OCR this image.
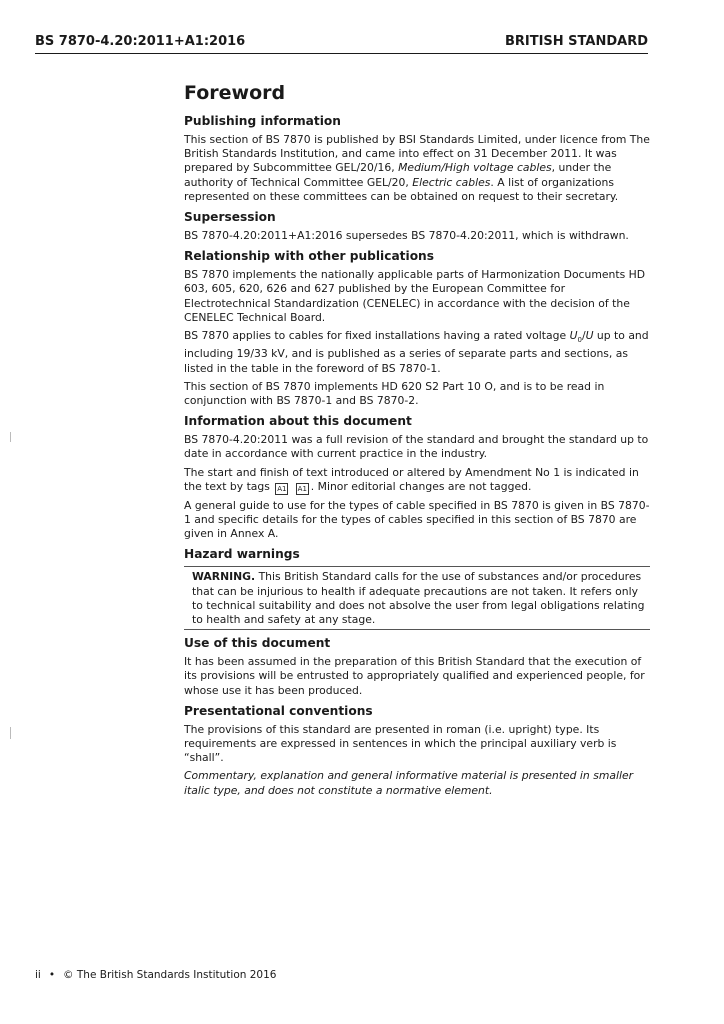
BS 7870-4.20:2011+A1:2016	BRITISH STANDARD
Foreword
Publishing information

This section of BS 7870 is published by BSI Standards Limited, under licence from The British Standards Institution, and came into effect on 31 December 2011. It was prepared by Subcommittee GEL/20/16, Medium/High voltage cables, under the authority of Technical Committee GEL/20, Electric cables. A list of organizations represented on these committees can be obtained on request to their secretary.

Supersession

BS 7870-4.20:2011+A1:2016 supersedes BS 7870-4.20:2011, which is withdrawn.

Relationship with other publications

BS 7870 implements the nationally applicable parts of Harmonization Documents HD 603, 605, 620, 626 and 627 published by the European Committee for Electrotechnical Standardization (CENELEC) in accordance with the decision of the CENELEC Technical Board.

BS 7870 applies to cables for fixed installations having a rated voltage $U_0/U$ up to and including 19/33 kV, and is published as a series of separate parts and sections, as listed in the table in the foreword of BS 7870-1.

This section of BS 7870 implements HD 620 S2 Part 10 O, and is to be read in conjunction with BS 7870-1 and BS 7870-2.

Information about this document

BS 7870-4.20:2011 was a full revision of the standard and brought the standard up to date in accordance with current practice in the industry.

The start and finish of text introduced or altered by Amendment No 1 is indicated in the text by tags A1 A1 . Minor editorial changes are not tagged.

A general guide to use for the types of cable specified in BS 7870 is given in BS 7870-1 and specific details for the types of cables specified in this section of BS 7870 are given in Annex A.

Hazard warnings

WARNING. This British Standard calls for the use of substances and/or procedures that can be injurious to health if adequate precautions are not taken. It refers only to technical suitability and does not absolve the user from legal obligations relating to health and safety at any stage.

Use of this document

It has been assumed in the preparation of this British Standard that the execution of its provisions will be entrusted to appropriately qualified and experienced people, for whose use it has been produced.

Presentational conventions

The provisions of this standard are presented in roman (i.e. upright) type. Its requirements are expressed in sentences in which the principal auxiliary verb is “shall”.

Commentary, explanation and general informative material is presented in smaller italic type, and does not constitute a normative element.

ii • © The British Standards Institution 2016
